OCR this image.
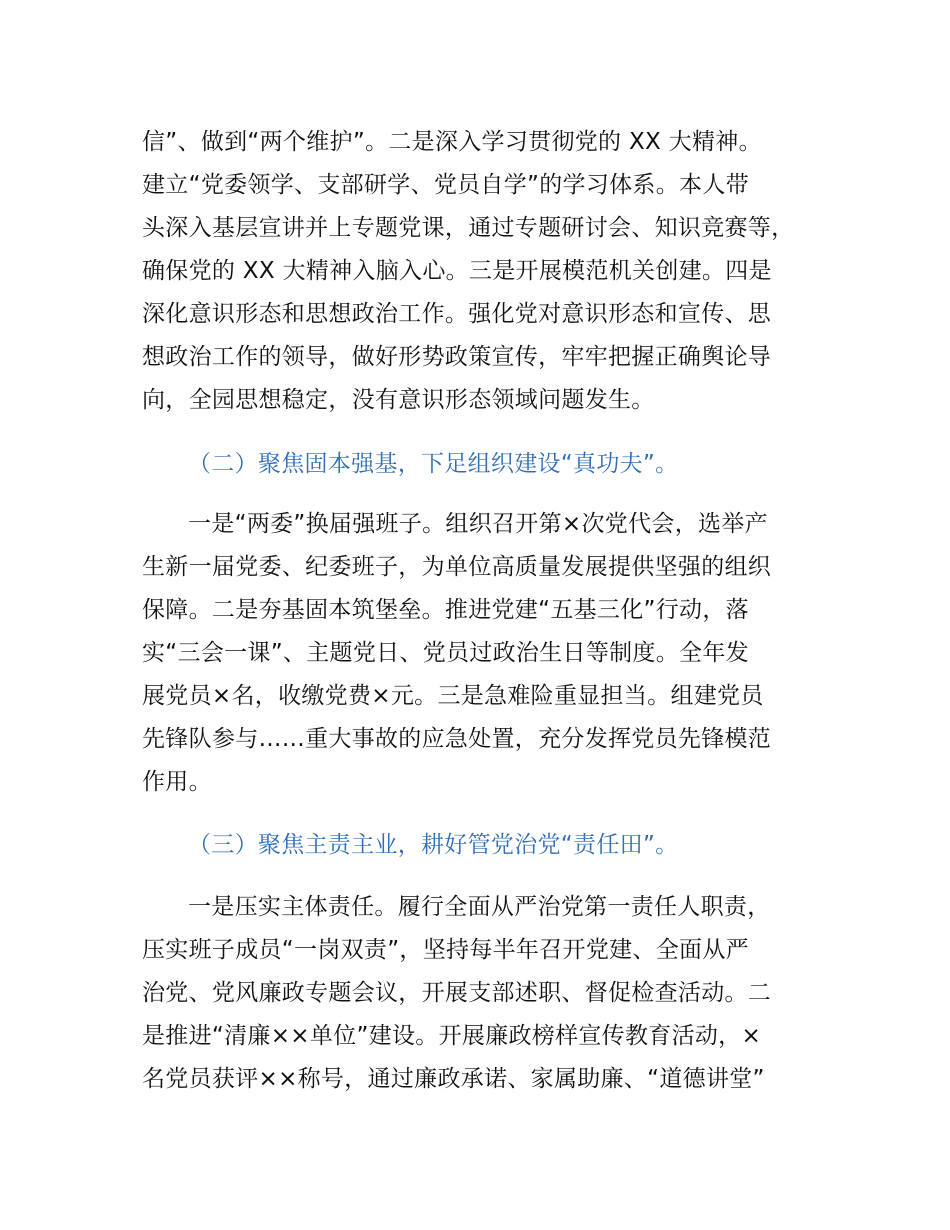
信”、做到“两个维护”。二是深入学习贯彻党的 XX 大精神。
建立“党委领学、支部研学、党员自学”的学习体系。本人带
头深入基层宣讲并上专题党课，通过专题研讨会、知识竞赛等，
确保党的 XX 大精神入脑入心。三是开展模范机关创建。四是
深化意识形态和思想政治工作。强化党对意识形态和宣传、思
想政治工作的领导，做好形势政策宣传，牢牢把握正确舆论导
向，全园思想稳定，没有意识形态领域问题发生。
（二）聚焦固本强基，下足组织建设“真功夫”。
一是“两委”换届强班子。组织召开第×次党代会，选举产
生新一届党委、纪委班子，为单位高质量发展提供坚强的组织
保障。二是夯基固本筑堡垒。推进党建“五基三化”行动，落
实“三会一课”、主题党日、党员过政治生日等制度。全年发
展党员×名，收缴党费×元。三是急难险重显担当。组建党员
先锋队参与……重大事故的应急处置，充分发挥党员先锋模范
作用。
（三）聚焦主责主业，耕好管党治党“责任田”。
一是压实主体责任。履行全面从严治党第一责任人职责，
压实班子成员“一岗双责”，坚持每半年召开党建、全面从严
治党、党风廉政专题会议，开展支部述职、督促检查活动。二
是推进“清廉××单位”建设。开展廉政榜样宣传教育活动，×
名党员获评××称号，通过廉政承诺、家属助廉、“道德讲堂”
